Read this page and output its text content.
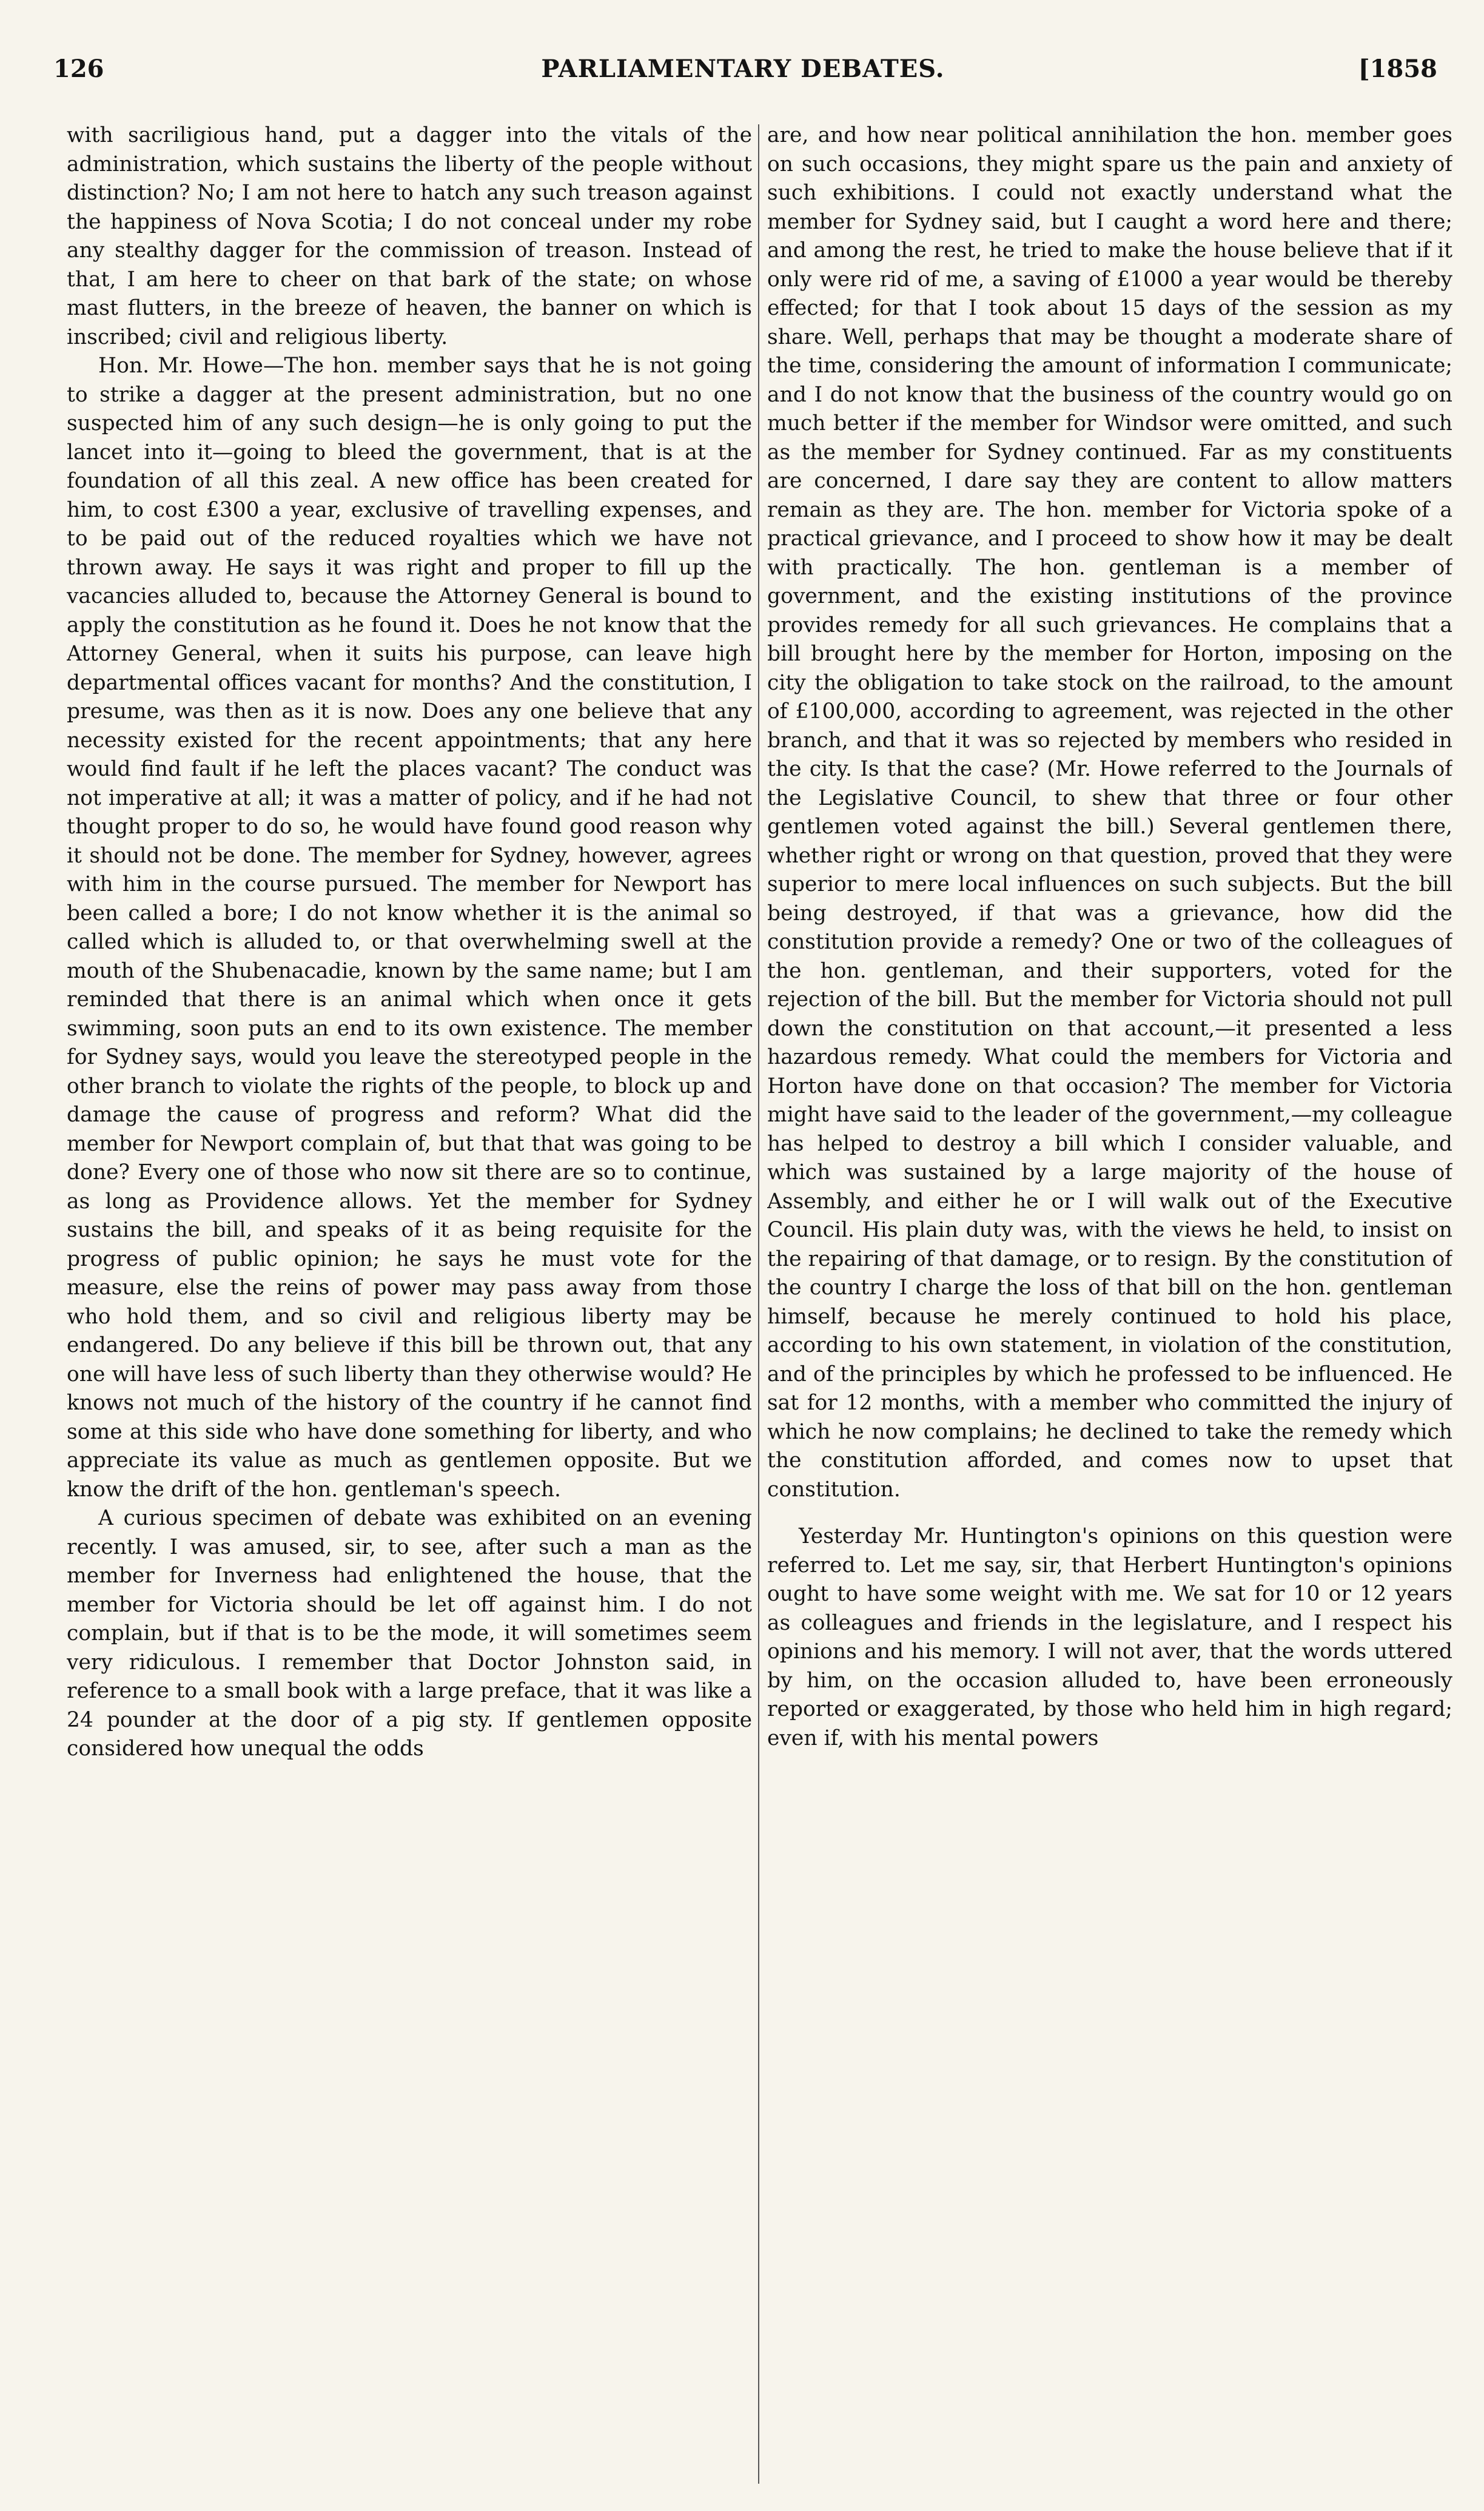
126	PARLIAMENTARY DEBATES.	[1858

with sacriligious hand, put a dagger into the vitals of the administration, which sustains the liberty of the people without distinction? No; I am not here to hatch any such treason against the happiness of Nova Scotia; I do not conceal under my robe any stealthy dagger for the commission of treason. Instead of that, I am here to cheer on that bark of the state; on whose mast flutters, in the breeze of heaven, the banner on which is inscribed; civil and religious liberty.

Hon. Mr. Howe—The hon. member says that he is not going to strike a dagger at the present administration, but no one suspected him of any such design—he is only going to put the lancet into it—going to bleed the government, that is at the foundation of all this zeal. A new office has been created for him, to cost £300 a year, exclusive of travelling expenses, and to be paid out of the reduced royalties which we have not thrown away. He says it was right and proper to fill up the vacancies alluded to, because the Attorney General is bound to apply the constitution as he found it. Does he not know that the Attorney General, when it suits his purpose, can leave high departmental offices vacant for months? And the constitution, I presume, was then as it is now. Does any one believe that any necessity existed for the recent appointments; that any here would find fault if he left the places vacant? The conduct was not imperative at all; it was a matter of policy, and if he had not thought proper to do so, he would have found good reason why it should not be done. The member for Sydney, however, agrees with him in the course pursued. The member for Newport has been called a bore; I do not know whether it is the animal so called which is alluded to, or that overwhelming swell at the mouth of the Shubenacadie, known by the same name; but I am reminded that there is an animal which when once it gets swimming, soon puts an end to its own existence. The member for Sydney says, would you leave the stereotyped people in the other branch to violate the rights of the people, to block up and damage the cause of progress and reform? What did the member for Newport complain of, but that that was going to be done? Every one of those who now sit there are so to continue, as long as Providence allows. Yet the member for Sydney sustains the bill, and speaks of it as being requisite for the progress of public opinion; he says he must vote for the measure, else the reins of power may pass away from those who hold them, and so civil and religious liberty may be endangered. Do any believe if this bill be thrown out, that any one will have less of such liberty than they otherwise would? He knows not much of the history of the country if he cannot find some at this side who have done something for liberty, and who appreciate its value as much as gentlemen opposite. But we know the drift of the hon. gentleman's speech.

A curious specimen of debate was exhibited on an evening recently. I was amused, sir, to see, after such a man as the member for Inverness had enlightened the house, that the member for Victoria should be let off against him. I do not complain, but if that is to be the mode, it will sometimes seem very ridiculous. I remember that Doctor Johnston said, in reference to a small book with a large preface, that it was like a 24 pounder at the door of a pig sty. If gentlemen opposite considered how unequal the odds

are, and how near political annihilation the hon. member goes on such occasions, they might spare us the pain and anxiety of such exhibitions. I could not exactly understand what the member for Sydney said, but I caught a word here and there; and among the rest, he tried to make the house believe that if it only were rid of me, a saving of £1000 a year would be thereby effected; for that I took about 15 days of the session as my share. Well, perhaps that may be thought a moderate share of the time, considering the amount of information I communicate; and I do not know that the business of the country would go on much better if the member for Windsor were omitted, and such as the member for Sydney continued. Far as my constituents are concerned, I dare say they are content to allow matters remain as they are. The hon. member for Victoria spoke of a practical grievance, and I proceed to show how it may be dealt with practically. The hon. gentleman is a member of government, and the existing institutions of the province provides remedy for all such grievances. He complains that a bill brought here by the member for Horton, imposing on the city the obligation to take stock on the railroad, to the amount of £100,000, according to agreement, was rejected in the other branch, and that it was so rejected by members who resided in the city. Is that the case? (Mr. Howe referred to the Journals of the Legislative Council, to shew that three or four other gentlemen voted against the bill.) Several gentlemen there, whether right or wrong on that question, proved that they were superior to mere local influences on such subjects. But the bill being destroyed, if that was a grievance, how did the constitution provide a remedy? One or two of the colleagues of the hon. gentleman, and their supporters, voted for the rejection of the bill. But the member for Victoria should not pull down the constitution on that account,—it presented a less hazardous remedy. What could the members for Victoria and Horton have done on that occasion? The member for Victoria might have said to the leader of the government,—my colleague has helped to destroy a bill which I consider valuable, and which was sustained by a large majority of the house of Assembly, and either he or I will walk out of the Executive Council. His plain duty was, with the views he held, to insist on the repairing of that damage, or to resign. By the constitution of the country I charge the loss of that bill on the hon. gentleman himself, because he merely continued to hold his place, according to his own statement, in violation of the constitution, and of the principles by which he professed to be influenced. He sat for 12 months, with a member who committed the injury of which he now complains; he declined to take the remedy which the constitution afforded, and comes now to upset that constitution.

Yesterday Mr. Huntington's opinions on this question were referred to. Let me say, sir, that Herbert Huntington's opinions ought to have some weight with me. We sat for 10 or 12 years as colleagues and friends in the legislature, and I respect his opinions and his memory. I will not aver, that the words uttered by him, on the occasion alluded to, have been erroneously reported or exaggerated, by those who held him in high regard; even if, with his mental powers
